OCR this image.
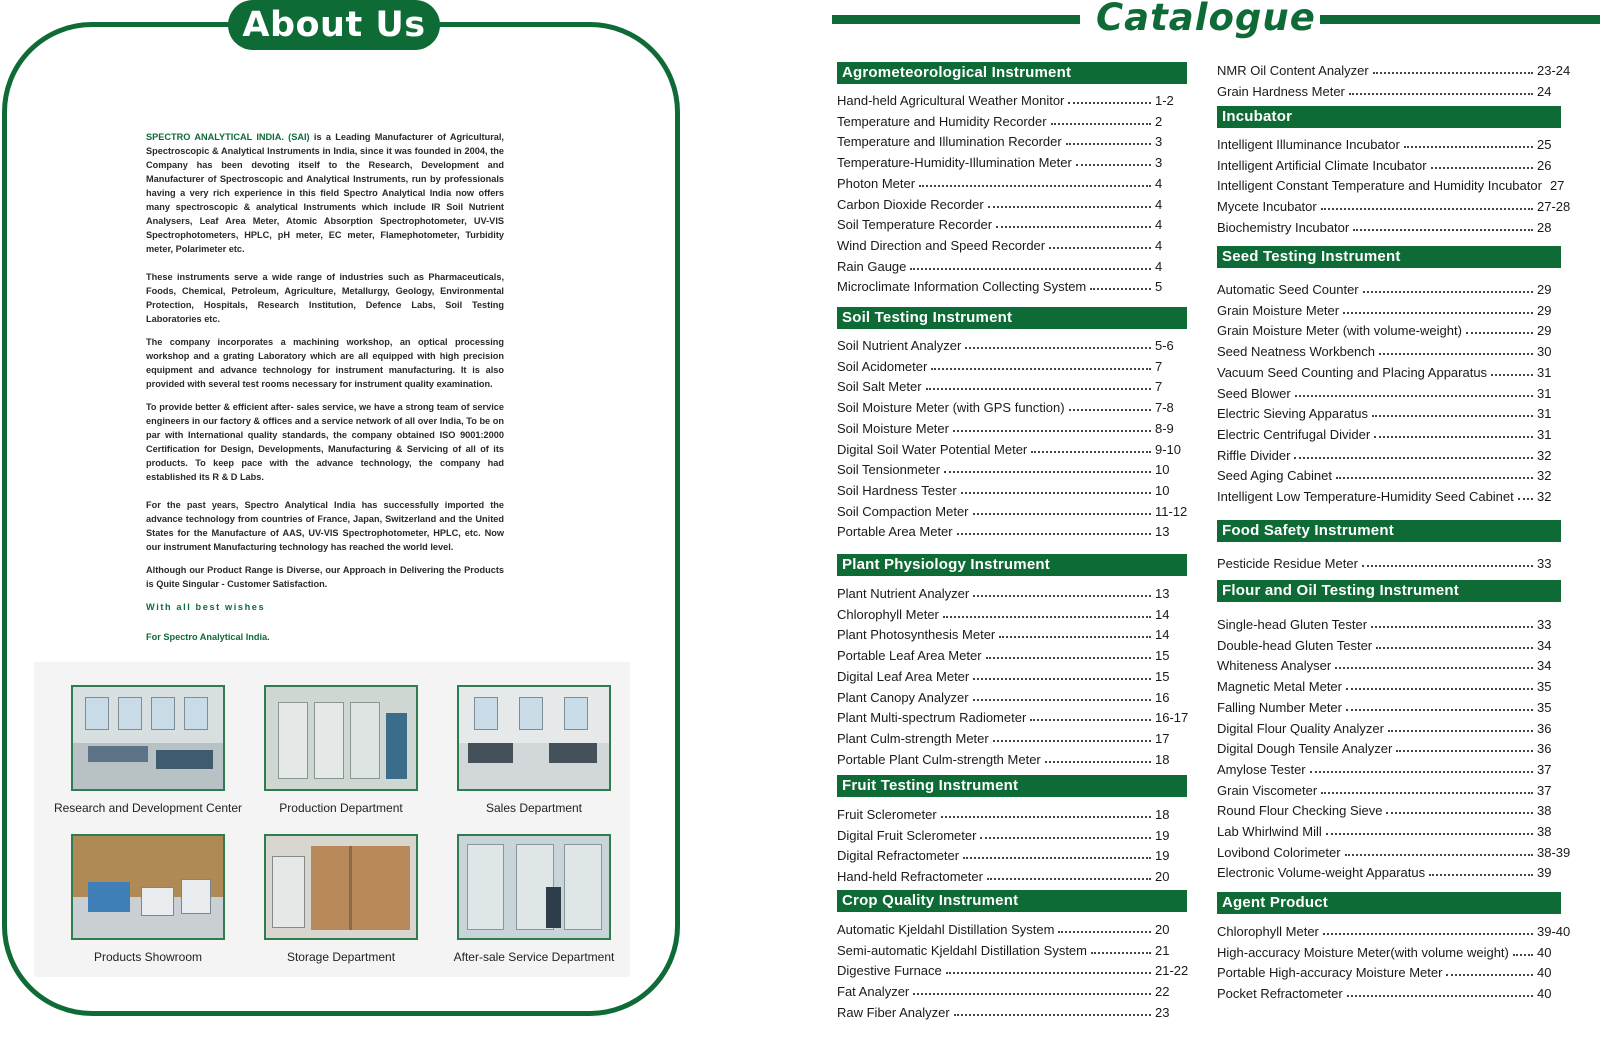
About Us

SPECTRO ANALYTICAL INDIA. (SAI) is a Leading Manufacturer of Agricultural, Spectroscopic & Analytical Instruments in India, since it was founded in 2004, the Company has been devoting itself to the Research, Development and Manufacturer of Spectroscopic and Analytical Instruments, run by professionals having a very rich experience in this field Spectro Analytical India now offers many spectroscopic & analytical Instruments which include IR Soil Nutrient Analysers, Leaf Area Meter, Atomic Absorption Spectrophotometer, UV-VIS Spectrophotometers, HPLC, pH meter, EC meter, Flamephotometer, Turbidity meter, Polarimeter etc.

These instruments serve a wide range of industries such as Pharmaceuticals, Foods, Chemical, Petroleum, Agriculture, Metallurgy, Geology, Environmental Protection, Hospitals, Research Institution, Defence Labs, Soil Testing Laboratories etc.

The company incorporates a machining workshop, an optical processing workshop and a grating Laboratory which are all equipped with high precision equipment and advance technology for instrument manufacturing. It is also provided with several test rooms necessary for instrument quality examination.

To provide better & efficient after- sales service, we have a strong team of service engineers in our factory & offices and a service network of all over India, To be on par with International quality standards, the company obtained ISO 9001:2000 Certification for Design, Developments, Manufacturing & Servicing of all of its products. To keep pace with the advance technology, the company had established its R & D Labs.

For the past years, Spectro Analytical India has successfully imported the advance technology from countries of France, Japan, Switzerland and the United States for the Manufacture of AAS, UV-VIS Spectrophotometer, HPLC, etc. Now our instrument Manufacturing technology has reached the world level.

Although our Product Range is Diverse, our Approach in Delivering the Products is Quite Singular - Customer Satisfaction.

With all best wishes

For Spectro Analytical India.

Research and Development Center	Production Department	Sales Department
Products Showroom	Storage Department	After-sale Service Department
Catalogue
Agrometeorological Instrument
Hand-held Agricultural Weather Monitor	1-2
Temperature and Humidity Recorder	2
Temperature and Illumination Recorder	3
Temperature-Humidity-Illumination Meter	3
Photon Meter	4
Carbon Dioxide Recorder	4
Soil Temperature Recorder	4
Wind Direction and Speed Recorder	4
Rain Gauge	4
Microclimate Information Collecting System	5
Soil Testing Instrument
Soil Nutrient Analyzer	5-6
Soil Acidometer	7
Soil Salt Meter	7
Soil Moisture Meter (with GPS function)	7-8
Soil Moisture Meter	8-9
Digital Soil Water Potential Meter	9-10
Soil Tensionmeter	10
Soil Hardness Tester	10
Soil Compaction Meter	11-12
Portable Area Meter	13
Plant Physiology Instrument
Plant Nutrient Analyzer	13
Chlorophyll Meter	14
Plant Photosynthesis Meter	14
Portable Leaf Area Meter	15
Digital Leaf Area Meter	15
Plant Canopy Analyzer	16
Plant Multi-spectrum Radiometer	16-17
Plant Culm-strength Meter	17
Portable Plant Culm-strength Meter	18
Fruit Testing Instrument
Fruit Sclerometer	18
Digital Fruit Sclerometer	19
Digital Refractometer	19
Hand-held Refractometer	20
Crop Quality Instrument
Automatic Kjeldahl Distillation System	20
Semi-automatic Kjeldahl Distillation System	21
Digestive Furnace	21-22
Fat Analyzer	22
Raw Fiber Analyzer	23
NMR Oil Content Analyzer	23-24
Grain Hardness Meter	24
Incubator
Intelligent Illuminance Incubator	25
Intelligent Artificial Climate Incubator	26
Intelligent Constant Temperature and Humidity Incubator 27
Mycete Incubator	27-28
Biochemistry Incubator	28
Seed Testing Instrument
Automatic Seed Counter	29
Grain Moisture Meter	29
Grain Moisture Meter (with volume-weight)	29
Seed Neatness Workbench	30
Vacuum Seed Counting and Placing Apparatus	31
Seed Blower	31
Electric Sieving Apparatus	31
Electric Centrifugal Divider	31
Riffle Divider	32
Seed Aging Cabinet	32
Intelligent Low Temperature-Humidity Seed Cabinet 32
Food Safety Instrument
Pesticide Residue Meter	33
Flour and Oil Testing Instrument
Single-head Gluten Tester	33
Double-head Gluten Tester	34
Whiteness Analyser	34
Magnetic Metal Meter	35
Falling Number Meter	35
Digital Flour Quality Analyzer	36
Digital Dough Tensile Analyzer	36
Amylose Tester	37
Grain Viscometer	37
Round Flour Checking Sieve	38
Lab Whirlwind Mill	38
Lovibond Colorimeter	38-39
Electronic Volume-weight Apparatus	39
Agent Product
Chlorophyll Meter	39-40
High-accuracy Moisture Meter(with volume weight) 40
Portable High-accuracy Moisture Meter	40
Pocket Refractometer	40
